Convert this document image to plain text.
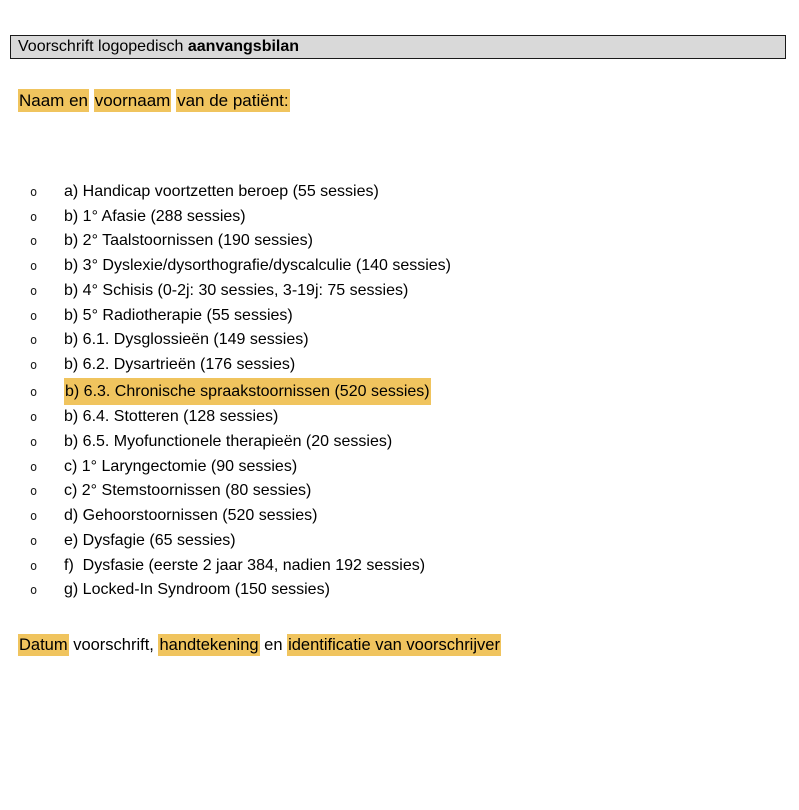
Voorschrift logopedisch aanvangsbilan
Naam en voornaam van de patiënt:
o	a) Handicap voortzetten beroep (55 sessies)
o	b) 1° Afasie (288 sessies)
o	b) 2° Taalstoornissen (190 sessies)
o	b) 3° Dyslexie/dysorthografie/dyscalculie (140 sessies)
o	b) 4° Schisis (0-2j: 30 sessies, 3-19j: 75 sessies)
o	b) 5° Radiotherapie (55 sessies)
o	b) 6.1. Dysglossieën (149 sessies)
o	b) 6.2. Dysartrieën (176 sessies)
o	b) 6.3. Chronische spraakstoornissen (520 sessies)
o	b) 6.4. Stotteren (128 sessies)
o	b) 6.5. Myofunctionele therapieën (20 sessies)
o	c) 1° Laryngectomie (90 sessies)
o	c) 2° Stemstoornissen (80 sessies)
o	d) Gehoorstoornissen (520 sessies)
o	e) Dysfagie (65 sessies)
o	f)  Dysfasie (eerste 2 jaar 384, nadien 192 sessies)
o	g) Locked-In Syndroom (150 sessies)
Datum voorschrift, handtekening en identificatie van voorschrijver
